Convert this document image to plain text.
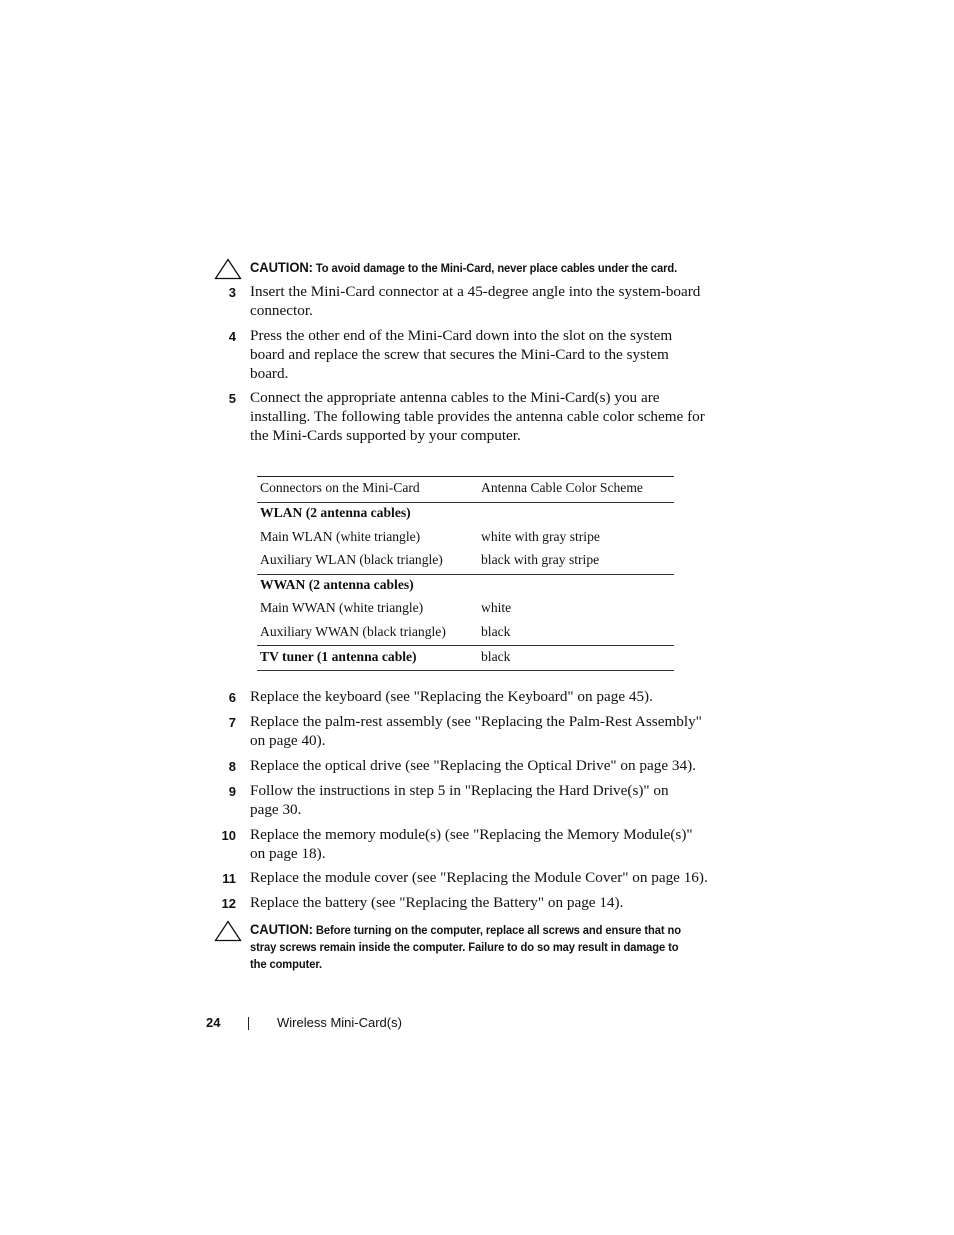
CAUTION: To avoid damage to the Mini-Card, never place cables under the card.
3 Insert the Mini-Card connector at a 45-degree angle into the system-board
connector.
4 Press the other end of the Mini-Card down into the slot on the system
board and replace the screw that secures the Mini-Card to the system
board.
5 Connect the appropriate antenna cables to the Mini-Card(s) you are
installing. The following table provides the antenna cable color scheme for
the Mini-Cards supported by your computer.
Connectors on the Mini-Card	Antenna Cable Color Scheme
WLAN (2 antenna cables)
Main WLAN (white triangle)	white with gray stripe
Auxiliary WLAN (black triangle)	black with gray stripe
WWAN (2 antenna cables)
Main WWAN (white triangle)	white
Auxiliary WWAN (black triangle)	black
TV tuner (1 antenna cable)	black
6 Replace the keyboard (see "Replacing the Keyboard" on page 45).
7 Replace the palm-rest assembly (see "Replacing the Palm-Rest Assembly"
on page 40).
8 Replace the optical drive (see "Replacing the Optical Drive" on page 34).
9 Follow the instructions in step 5 in "Replacing the Hard Drive(s)" on
page 30.
10 Replace the memory module(s) (see "Replacing the Memory Module(s)"
on page 18).
11 Replace the module cover (see "Replacing the Module Cover" on page 16).
12 Replace the battery (see "Replacing the Battery" on page 14).
CAUTION: Before turning on the computer, replace all screws and ensure that no
stray screws remain inside the computer. Failure to do so may result in damage to
the computer.
24	Wireless Mini-Card(s)
